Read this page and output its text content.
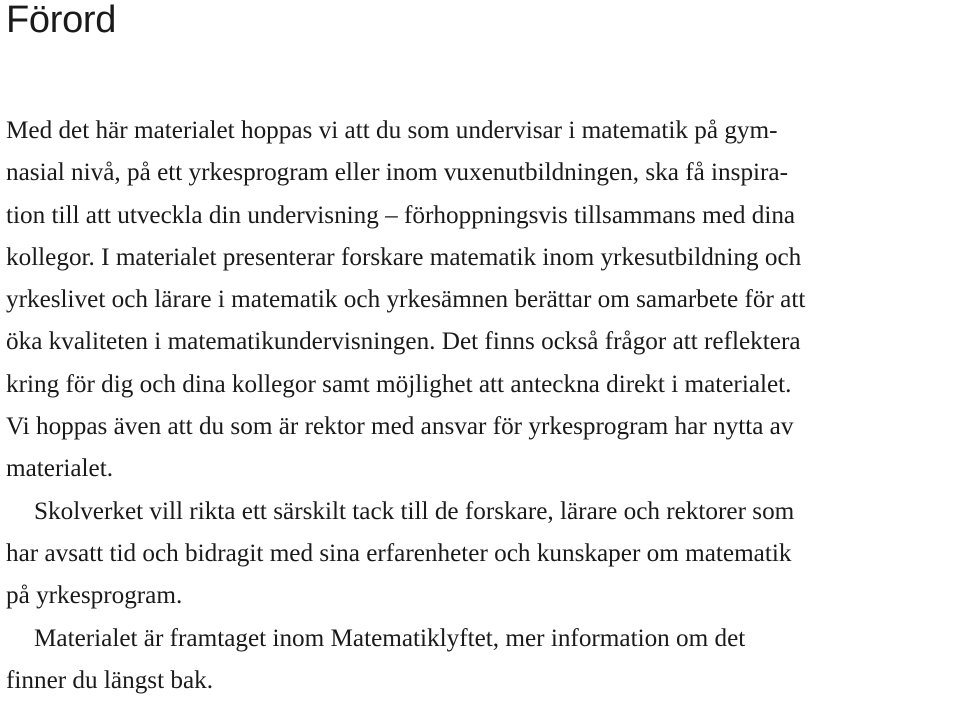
Förord

Med det här materialet hoppas vi att du som undervisar i matematik på gym-
nasial nivå, på ett yrkesprogram eller inom vuxenutbildningen, ska få inspira-
tion till att utveckla din undervisning – förhoppningsvis tillsammans med dina
kollegor. I materialet presenterar forskare matematik inom yrkesutbildning och
yrkeslivet och lärare i matematik och yrkesämnen berättar om samarbete för att
öka kvaliteten i matematikundervisningen. Det finns också frågor att reflektera
kring för dig och dina kollegor samt möjlighet att anteckna direkt i materialet.
Vi hoppas även att du som är rektor med ansvar för yrkesprogram har nytta av
materialet.

Skolverket vill rikta ett särskilt tack till de forskare, lärare och rektorer som
har avsatt tid och bidragit med sina erfarenheter och kunskaper om matematik
på yrkesprogram.

Materialet är framtaget inom Matematiklyftet, mer information om det
finner du längst bak.
